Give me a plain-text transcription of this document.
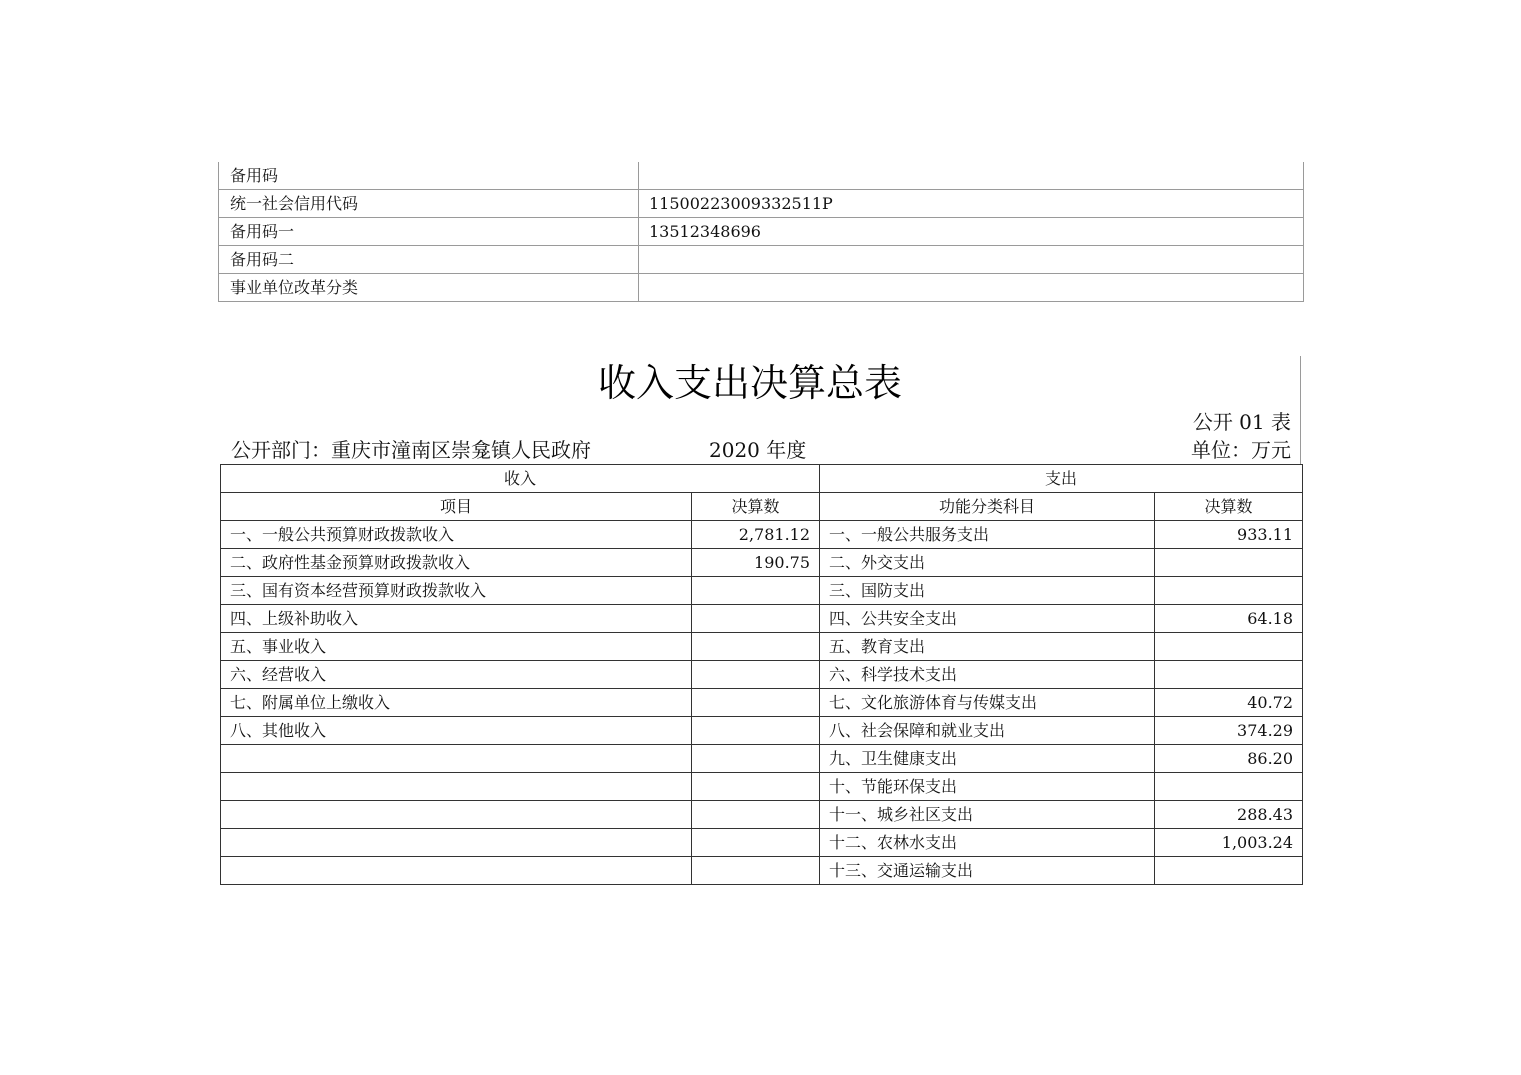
备用码	
统一社会信用代码	11500223009332511P
备用码一	13512348696
备用码二	
事业单位改革分类	
收入支出决算总表
公开 01 表
公开部门：重庆市潼南区崇龛镇人民政府	2020 年度	单位：万元
收入		支出	
项目	决算数	功能分类科目	决算数
一、一般公共预算财政拨款收入	2,781.12	一、一般公共服务支出	933.11
二、政府性基金预算财政拨款收入	190.75	二、外交支出	
三、国有资本经营预算财政拨款收入		三、国防支出	
四、上级补助收入		四、公共安全支出	64.18
五、事业收入		五、教育支出	
六、经营收入		六、科学技术支出	
七、附属单位上缴收入		七、文化旅游体育与传媒支出	40.72
八、其他收入		八、社会保障和就业支出	374.29
		九、卫生健康支出	86.20
		十、节能环保支出	
		十一、城乡社区支出	288.43
		十二、农林水支出	1,003.24
		十三、交通运输支出	
